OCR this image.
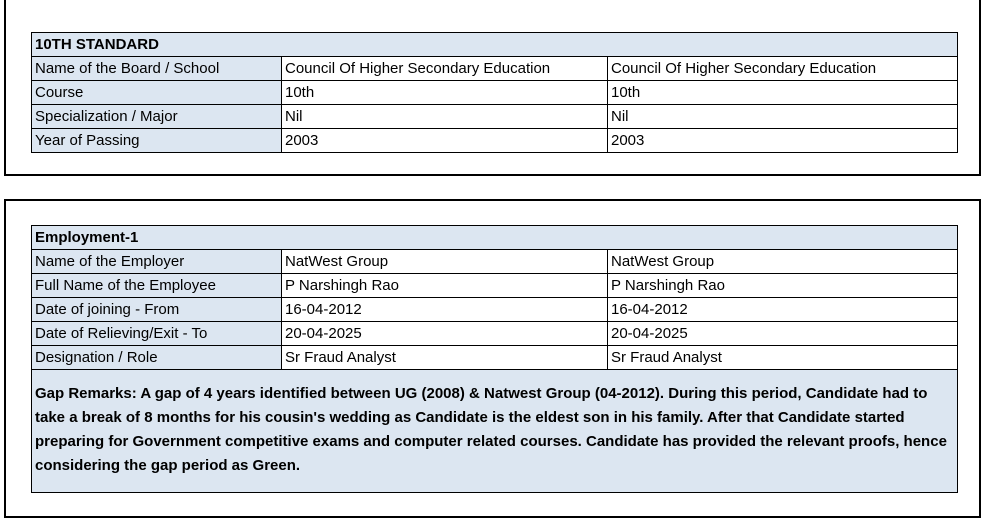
10TH STANDARD		
Name of the Board / School	Council Of Higher Secondary Education	Council Of Higher Secondary Education
Course	10th	10th
Specialization / Major	Nil	Nil
Year of Passing	2003	2003
Employment-1		
Name of the Employer	NatWest Group	NatWest Group
Full Name of the Employee	P Narshingh Rao	P Narshingh Rao
Date of joining - From	16-04-2012	16-04-2012
Date of Relieving/Exit - To	20-04-2025	20-04-2025
Designation / Role	Sr Fraud Analyst	Sr Fraud Analyst
Gap Remarks: A gap of 4 years identified between UG (2008) & Natwest Group (04-2012). During this period, Candidate had to take a break of 8 months for his cousin's wedding as Candidate is the eldest son in his family. After that Candidate started preparing for Government competitive exams and computer related courses. Candidate has provided the relevant proofs, hence considering the gap period as Green.		
